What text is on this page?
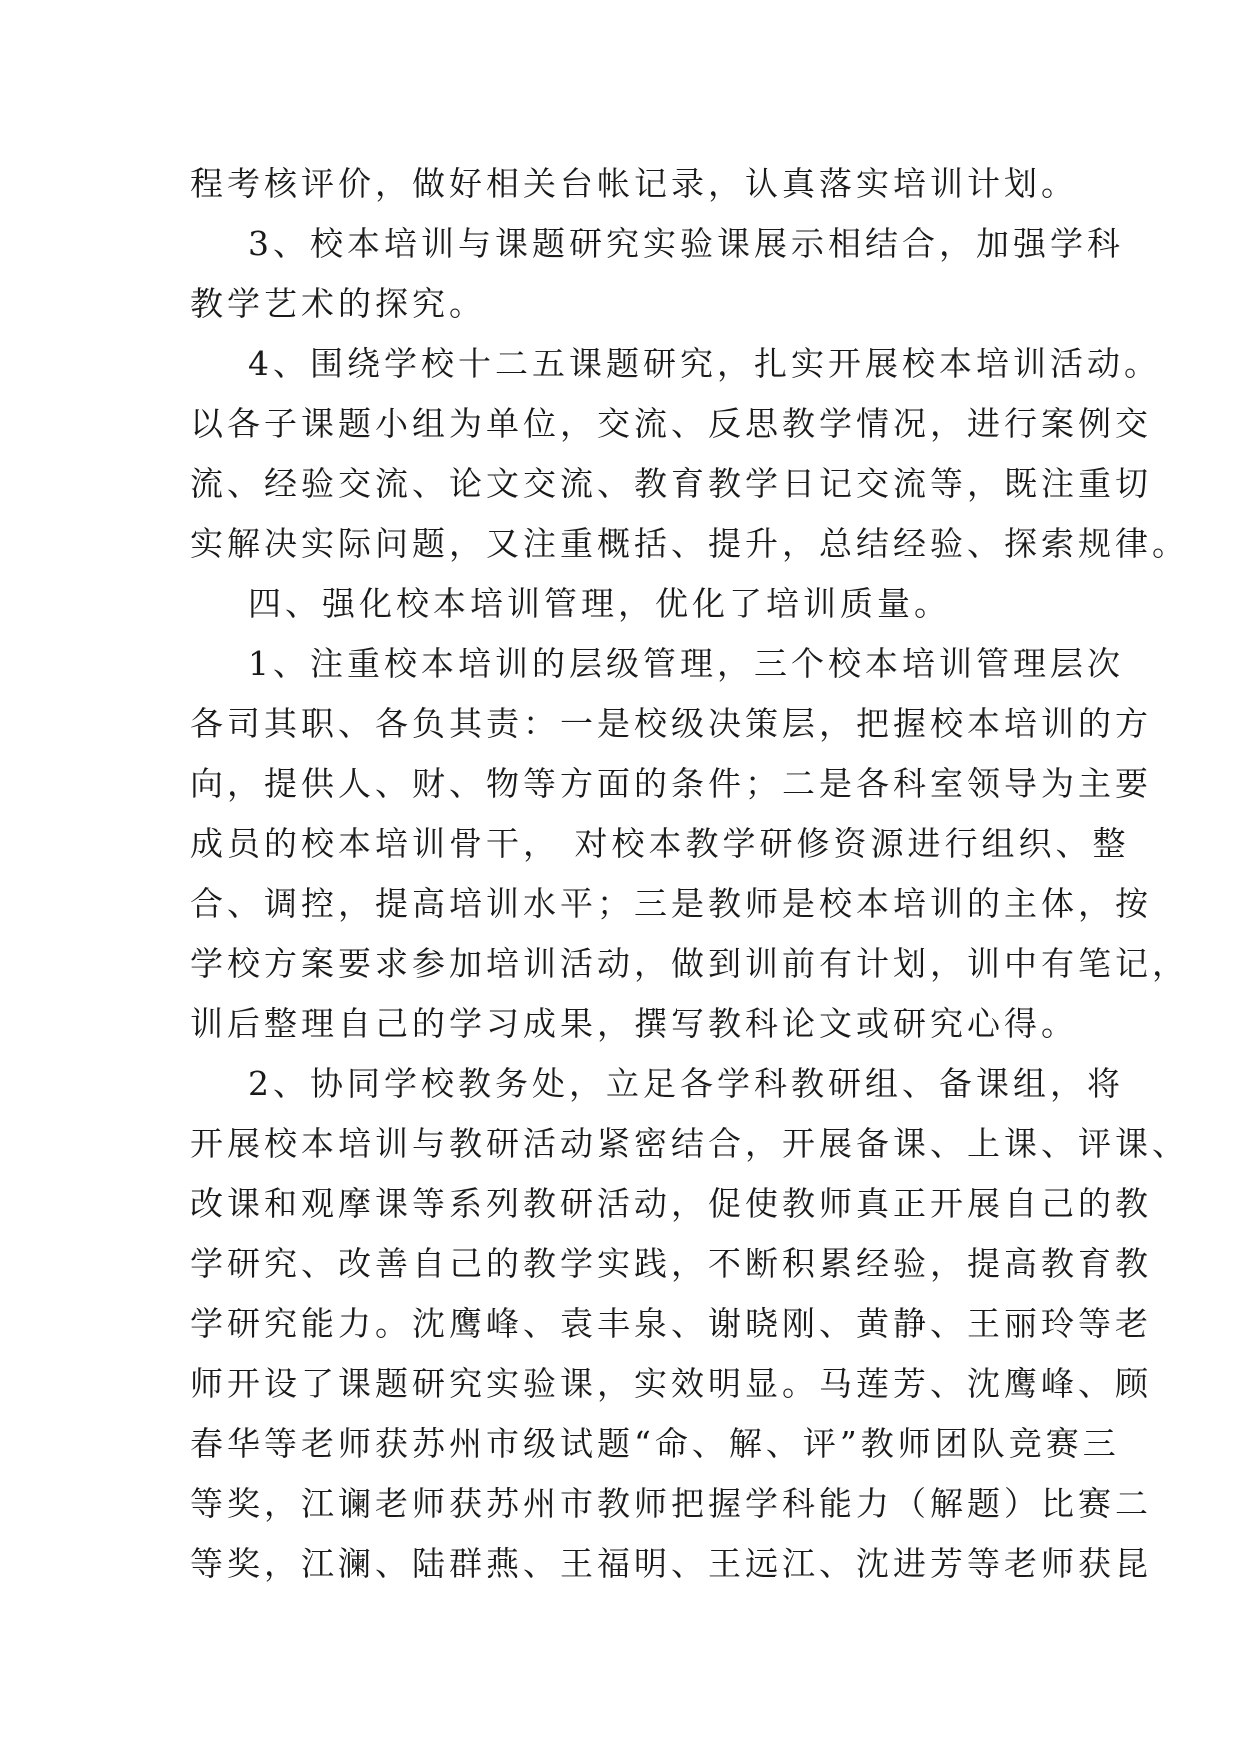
程考核评价，做好相关台帐记录，认真落实培训计划。
3、校本培训与课题研究实验课展示相结合，加强学科
教学艺术的探究。
4、围绕学校十二五课题研究，扎实开展校本培训活动。
以各子课题小组为单位，交流、反思教学情况，进行案例交
流、经验交流、论文交流、教育教学日记交流等，既注重切
实解决实际问题，又注重概括、提升，总结经验、探索规律。
四、强化校本培训管理，优化了培训质量。
1、注重校本培训的层级管理，三个校本培训管理层次
各司其职、各负其责：一是校级决策层，把握校本培训的方
向，提供人、财、物等方面的条件；二是各科室领导为主要
成员的校本培训骨干， 对校本教学研修资源进行组织、整
合、调控，提高培训水平；三是教师是校本培训的主体，按
学校方案要求参加培训活动，做到训前有计划，训中有笔记，
训后整理自己的学习成果，撰写教科论文或研究心得。
2、协同学校教务处，立足各学科教研组、备课组，将
开展校本培训与教研活动紧密结合，开展备课、上课、评课、
改课和观摩课等系列教研活动，促使教师真正开展自己的教
学研究、改善自己的教学实践，不断积累经验，提高教育教
学研究能力。沈鹰峰、袁丰泉、谢晓刚、黄静、王丽玲等老
师开设了课题研究实验课，实效明显。马莲芳、沈鹰峰、顾
春华等老师获苏州市级试题“命、解、评”教师团队竞赛三
等奖，江谰老师获苏州市教师把握学科能力（解题）比赛二
等奖，江澜、陆群燕、王福明、王远江、沈进芳等老师获昆
